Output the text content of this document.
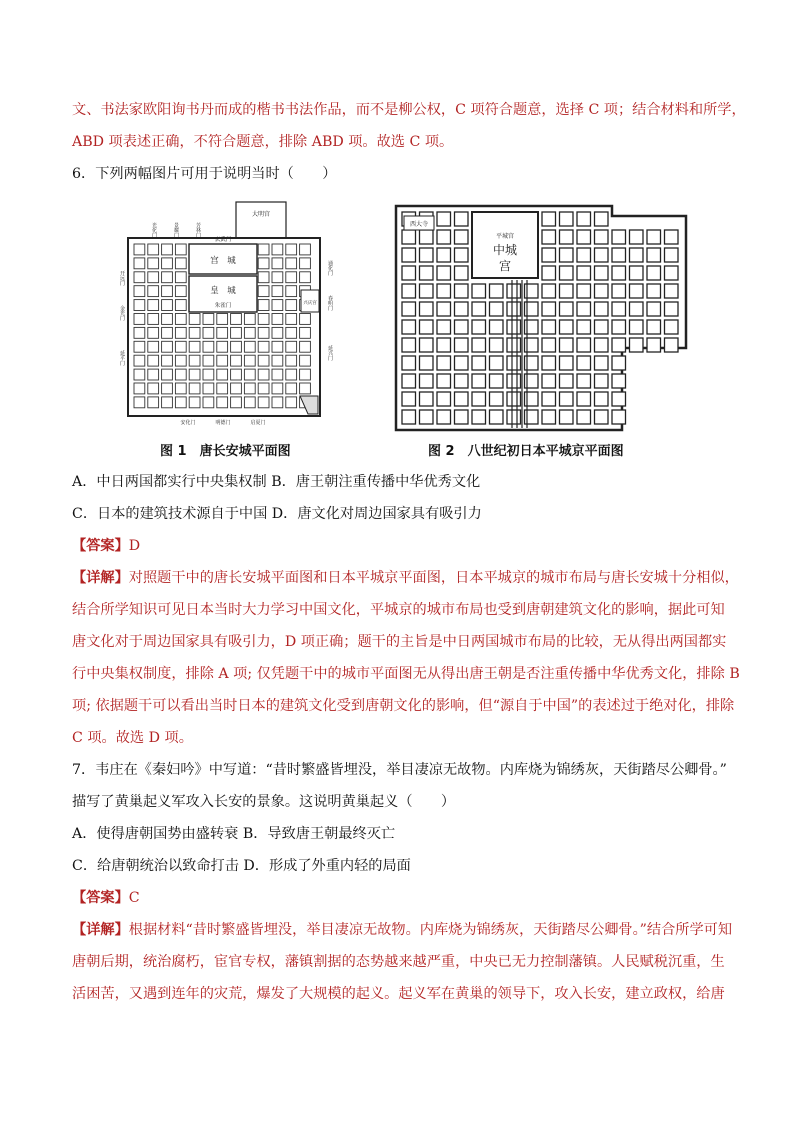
文、书法家欧阳询书丹而成的楷书书法作品，而不是柳公权，C 项符合题意，选择 C 项；结合材料和所学，
ABD 项表述正确，不符合题意，排除 ABD 项。故选 C 项。
6．下列两幅图片可用于说明当时（　　）
大明宫
宫　城
皇　城
朱雀门
玄武门
兴庆宫
光化门	景耀门	芳林门
开远门
金光门
延平门
通化门
春明门
延兴门
安化门	明德门	启夏门
图 1　唐长安城平面图
平城宫
中城
宫
西大寺
图 2　八世纪初日本平城京平面图
A．中日两国都实行中央集权制 B．唐王朝注重传播中华优秀文化
C．日本的建筑技术源自于中国 D．唐文化对周边国家具有吸引力
【答案】D
【详解】对照题干中的唐长安城平面图和日本平城京平面图，日本平城京的城市布局与唐长安城十分相似，
结合所学知识可见日本当时大力学习中国文化，平城京的城市布局也受到唐朝建筑文化的影响，据此可知
唐文化对于周边国家具有吸引力，D 项正确；题干的主旨是中日两国城市布局的比较，无从得出两国都实
行中央集权制度，排除 A 项; 仅凭题干中的城市平面图无从得出唐王朝是否注重传播中华优秀文化，排除 B
项; 依据题干可以看出当时日本的建筑文化受到唐朝文化的影响，但“源自于中国”的表述过于绝对化，排除
C 项。故选 D 项。
7．韦庄在《秦妇吟》中写道：“昔时繁盛皆埋没，举目凄凉无故物。内库烧为锦绣灰，天街踏尽公卿骨。”
描写了黄巢起义军攻入长安的景象。这说明黄巢起义（　　）
A．使得唐朝国势由盛转衰 B．导致唐王朝最终灭亡
C．给唐朝统治以致命打击 D．形成了外重内轻的局面
【答案】C
【详解】根据材料“昔时繁盛皆埋没，举目凄凉无故物。内库烧为锦绣灰，天街踏尽公卿骨。”结合所学可知
唐朝后期，统治腐朽，宦官专权，藩镇割据的态势越来越严重，中央已无力控制藩镇。人民赋税沉重，生
活困苦，又遇到连年的灾荒，爆发了大规模的起义。起义军在黄巢的领导下，攻入长安，建立政权，给唐
